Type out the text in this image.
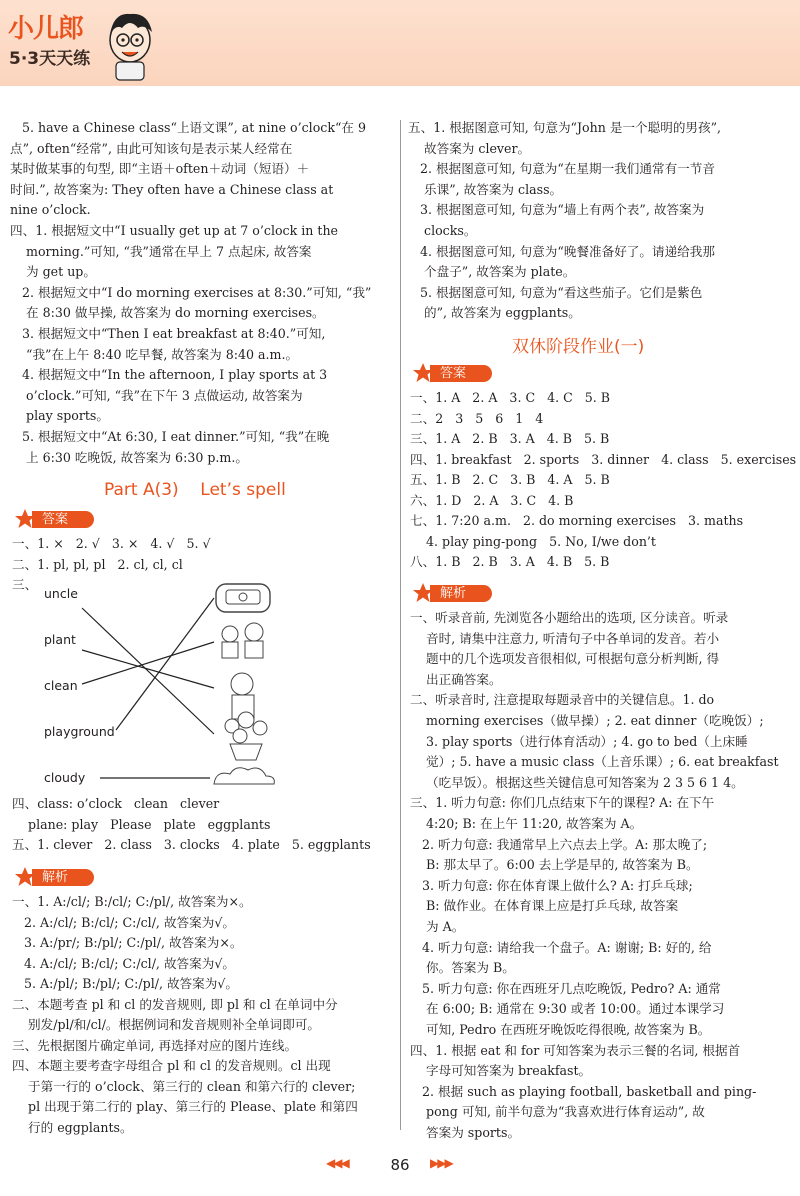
小儿郎
5·3天天练
5. have a Chinese class“上语文课”, at nine o’clock“在 9
点”, often“经常”, 由此可知该句是表示某人经常在
某时做某事的句型, 即“主语＋often＋动词（短语）＋
时间.”, 故答案为: They often have a Chinese class at
nine o’clock.
四、1. 根据短文中“I usually get up at 7 o’clock in the
morning.”可知, “我”通常在早上 7 点起床, 故答案
为 get up。
2. 根据短文中“I do morning exercises at 8:30.”可知, “我”
在 8:30 做早操, 故答案为 do morning exercises。
3. 根据短文中“Then I eat breakfast at 8:40.”可知,
“我”在上午 8:40 吃早餐, 故答案为 8:40 a.m.。
4. 根据短文中“In the afternoon, I play sports at 3
o’clock.”可知, “我”在下午 3 点做运动, 故答案为
play sports。
5. 根据短文中“At 6:30, I eat dinner.”可知, “我”在晚
上 6:30 吃晚饭, 故答案为 6:30 p.m.。
Part A(3)    Let’s spell
答案
一、1. ×   2. √   3. ×   4. √   5. √
二、1. pl, pl, pl   2. cl, cl, cl
三、
uncle
plant
clean
playground
cloudy
四、class: o’clock   clean   clever
plane: play   Please   plate   eggplants
五、1. clever   2. class   3. clocks   4. plate   5. eggplants
解析
一、1. A:/cl/; B:/cl/; C:/pl/, 故答案为×。
2. A:/cl/; B:/cl/; C:/cl/, 故答案为√。
3. A:/pr/; B:/pl/; C:/pl/, 故答案为×。
4. A:/cl/; B:/cl/; C:/cl/, 故答案为√。
5. A:/pl/; B:/pl/; C:/pl/, 故答案为√。
二、本题考查 pl 和 cl 的发音规则, 即 pl 和 cl 在单词中分
别发/pl/和/cl/。根据例词和发音规则补全单词即可。
三、先根据图片确定单词, 再选择对应的图片连线。
四、本题主要考查字母组合 pl 和 cl 的发音规则。cl 出现
于第一行的 o’clock、第三行的 clean 和第六行的 clever;
pl 出现于第二行的 play、第三行的 Please、plate 和第四
行的 eggplants。
五、1. 根据图意可知, 句意为“John 是一个聪明的男孩”,
故答案为 clever。
2. 根据图意可知, 句意为“在星期一我们通常有一节音
乐课”, 故答案为 class。
3. 根据图意可知, 句意为“墙上有两个表”, 故答案为
clocks。
4. 根据图意可知, 句意为“晚餐准备好了。请递给我那
个盘子”, 故答案为 plate。
5. 根据图意可知, 句意为“看这些茄子。它们是紫色
的”, 故答案为 eggplants。
双休阶段作业(一)
答案
一、1. A   2. A   3. C   4. C   5. B
二、2   3   5   6   1   4
三、1. A   2. B   3. A   4. B   5. B
四、1. breakfast   2. sports   3. dinner   4. class   5. exercises
五、1. B   2. C   3. B   4. A   5. B
六、1. D   2. A   3. C   4. B
七、1. 7:20 a.m.   2. do morning exercises   3. maths
4. play ping-pong   5. No, I/we don’t
八、1. B   2. B   3. A   4. B   5. B
解析
一、听录音前, 先浏览各小题给出的选项, 区分读音。听录
音时, 请集中注意力, 听清句子中各单词的发音。若小
题中的几个选项发音很相似, 可根据句意分析判断, 得
出正确答案。
二、听录音时, 注意提取每题录音中的关键信息。1. do
morning exercises（做早操）; 2. eat dinner（吃晚饭）;
3. play sports（进行体育活动）; 4. go to bed（上床睡
觉）; 5. have a music class（上音乐课）; 6. eat breakfast
（吃早饭）。根据这些关键信息可知答案为 2 3 5 6 1 4。
三、1. 听力句意: 你们几点结束下午的课程? A: 在下午
4:20; B: 在上午 11:20, 故答案为 A。
2. 听力句意: 我通常早上六点去上学。A: 那太晚了;
B: 那太早了。6:00 去上学是早的, 故答案为 B。
3. 听力句意: 你在体育课上做什么? A: 打乒乓球;
B: 做作业。在体育课上应是打乒乓球, 故答案
为 A。
4. 听力句意: 请给我一个盘子。A: 谢谢; B: 好的, 给
你。答案为 B。
5. 听力句意: 你在西班牙几点吃晚饭, Pedro? A: 通常
在 6:00; B: 通常在 9:30 或者 10:00。通过本课学习
可知, Pedro 在西班牙晚饭吃得很晚, 故答案为 B。
四、1. 根据 eat 和 for 可知答案为表示三餐的名词, 根据首
字母可知答案为 breakfast。
2. 根据 such as playing football, basketball and ping-
pong 可知, 前半句意为“我喜欢进行体育运动”, 故
答案为 sports。
◀◀◀	86	▶▶▶
